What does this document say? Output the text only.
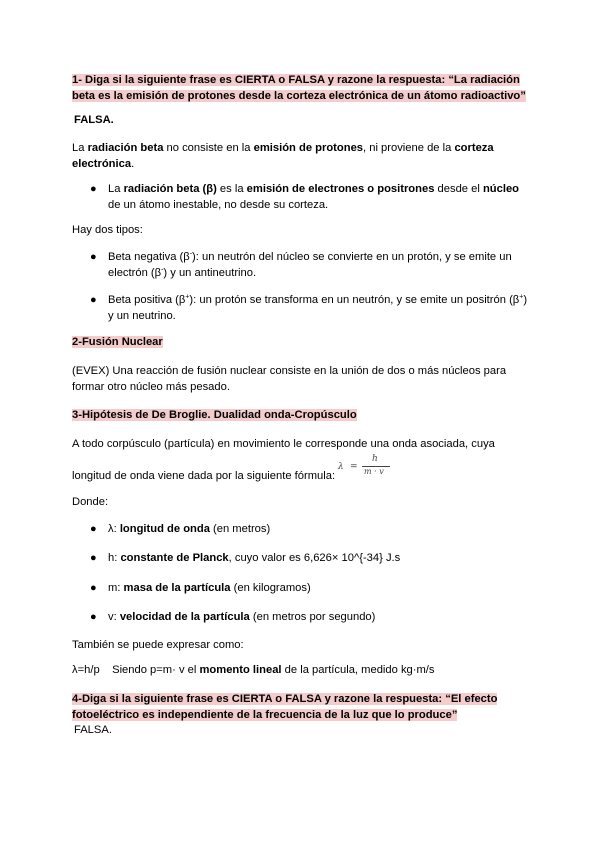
1- Diga si la siguiente frase es CIERTA o FALSA y razone la respuesta: “La radiación
beta es la emisión de protones desde la corteza electrónica de un átomo radioactivo”
FALSA.
La radiación beta no consiste en la emisión de protones, ni proviene de la corteza
electrónica.
● La radiación beta (β) es la emisión de electrones o positrones desde el núcleo
de un átomo inestable, no desde su corteza.
Hay dos tipos:
● Beta negativa (β-): un neutrón del núcleo se convierte en un protón, y se emite un
electrón (β-) y un antineutrino.
● Beta positiva (β+): un protón se transforma en un neutrón, y se emite un positrón (β+)
y un neutrino.
2-Fusión Nuclear
(EVEX) Una reacción de fusión nuclear consiste en la unión de dos o más núcleos para
formar otro núcleo más pesado.
3-Hipótesis de De Broglie. Dualidad onda-Cropúsculo
A todo corpúsculo (partícula) en movimiento le corresponde una onda asociada, cuya
longitud de onda viene dada por la siguiente fórmula:
λ =
h
m · v
Donde:
● λ: longitud de onda (en metros)
● h: constante de Planck, cuyo valor es 6,626× 10^{-34} J.s
● m: masa de la partícula (en kilogramos)
● v: velocidad de la partícula (en metros por segundo)
También se puede expresar como:
λ=h/p    Siendo p=m· v el momento lineal de la partícula, medido kg·m/s
4-Diga si la siguiente frase es CIERTA o FALSA y razone la respuesta: “El efecto
fotoeléctrico es independiente de la frecuencia de la luz que lo produce”
FALSA.
